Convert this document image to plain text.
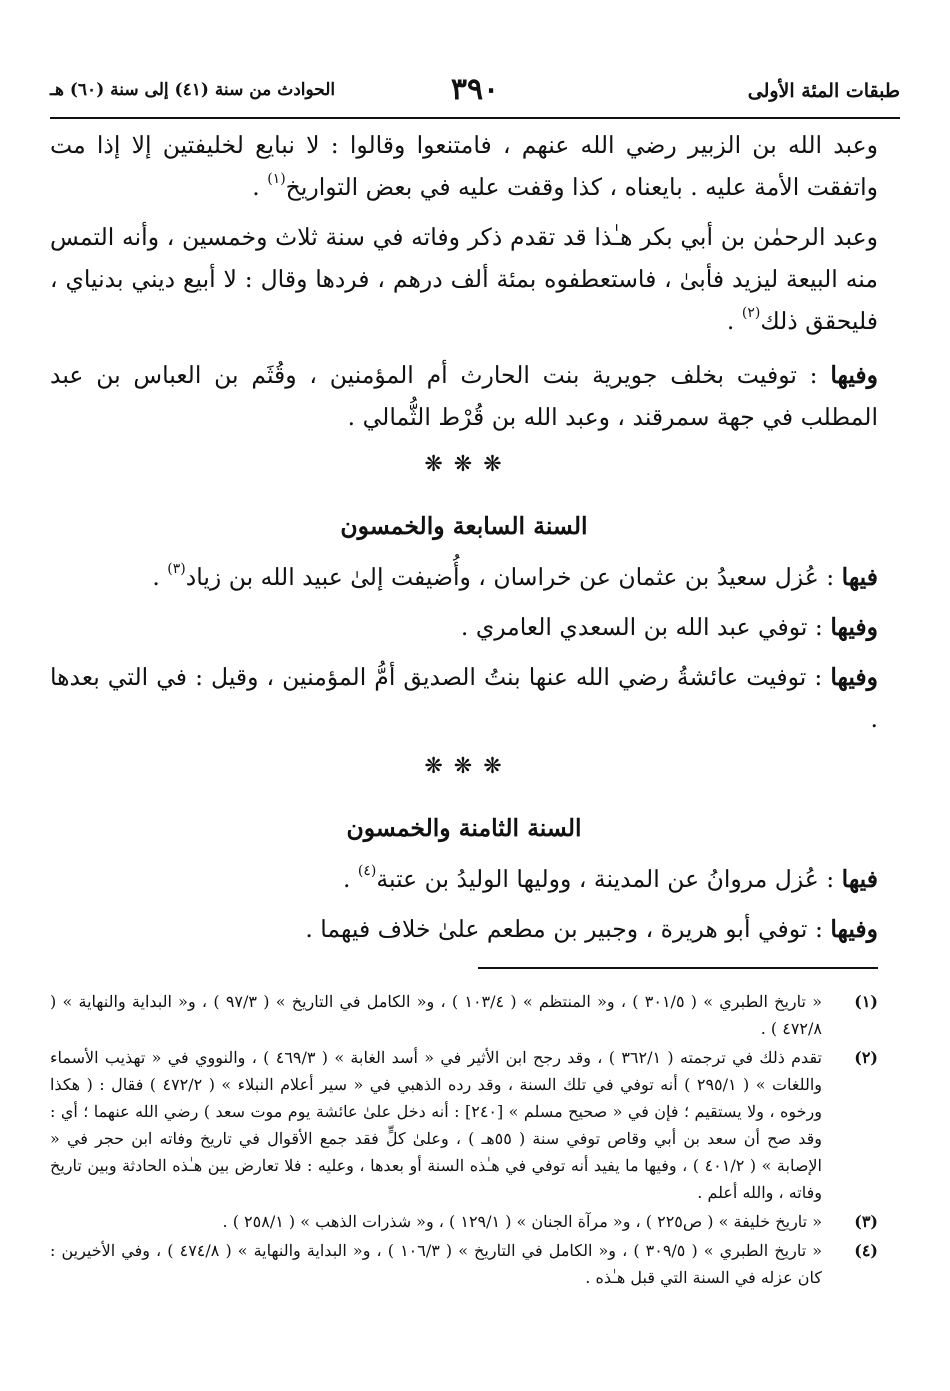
طبقات المئة الأولى
٣٩٠
الحوادث من سنة (٤١) إلى سنة (٦٠) هـ

وعبد الله بن الزبير رضي الله عنهم ، فامتنعوا وقالوا : لا نبايع لخليفتين إلا إذا مت واتفقت الأمة عليه . بايعناه ، كذا وقفت عليه في بعض التواريخ$^{(١)}$ .

وعبد الرحمٰن بن أبي بكر هـٰذا قد تقدم ذكر وفاته في سنة ثلاث وخمسين ، وأنه التمس منه البيعة ليزيد فأبىٰ ، فاستعطفوه بمئة ألف درهم ، فردها وقال : لا أبيع ديني بدنياي ، فليحقق ذلك$^{(٢)}$ .

وفيها : توفيت بخلف جويرية بنت الحارث أم المؤمنين ، وقُثَم بن العباس بن عبد المطلب في جهة سمرقند ، وعبد الله بن قُرْط الثُّمالي .

❋ ❋ ❋
السنة السابعة والخمسون

فيها : عُزل سعيدُ بن عثمان عن خراسان ، وأُضيفت إلىٰ عبيد الله بن زياد$^{(٣)}$ .

وفيها : توفي عبد الله بن السعدي العامري .

وفيها : توفيت عائشةُ رضي الله عنها بنتُ الصديق أمُّ المؤمنين ، وقيل : في التي بعدها .

❋ ❋ ❋
السنة الثامنة والخمسون

فيها : عُزل مروانُ عن المدينة ، ووليها الوليدُ بن عتبة$^{(٤)}$ .

وفيها : توفي أبو هريرة ، وجبير بن مطعم علىٰ خلاف فيهما .

(١)
« تاريخ الطبري » ( ٣٠١/٥ ) ، و« المنتظم » ( ١٠٣/٤ ) ، و« الكامل في التاريخ » ( ٩٧/٣ ) ، و« البداية والنهاية » ( ٤٧٢/٨ ) .
(٢)
تقدم ذلك في ترجمته ( ٣٦٢/١ ) ، وقد رجح ابن الأثير في « أسد الغابة » ( ٤٦٩/٣ ) ، والنووي في « تهذيب الأسماء واللغات » ( ٢٩٥/١ ) أنه توفي في تلك السنة ، وقد رده الذهبي في « سير أعلام النبلاء » ( ٤٧٢/٢ ) فقال : ( هكذا ورخوه ، ولا يستقيم ؛ فإن في « صحيح مسلم » [٢٤٠] : أنه دخل علىٰ عائشة يوم موت سعد ) رضي الله عنهما ؛ أي : وقد صح أن سعد بن أبي وقاص توفي سنة ( ٥٥هـ ) ، وعلىٰ كلٍّ فقد جمع الأقوال في تاريخ وفاته ابن حجر في « الإصابة » ( ٤٠١/٢ ) ، وفيها ما يفيد أنه توفي في هـٰذه السنة أو بعدها ، وعليه : فلا تعارض بين هـٰذه الحادثة وبين تاريخ وفاته ، والله أعلم .
(٣)
« تاريخ خليفة » ( ص٢٢٥ ) ، و« مرآة الجنان » ( ١٢٩/١ ) ، و« شذرات الذهب » ( ٢٥٨/١ ) .
(٤)
« تاريخ الطبري » ( ٣٠٩/٥ ) ، و« الكامل في التاريخ » ( ١٠٦/٣ ) ، و« البداية والنهاية » ( ٤٧٤/٨ ) ، وفي الأخيرين : كان عزله في السنة التي قبل هـٰذه .
